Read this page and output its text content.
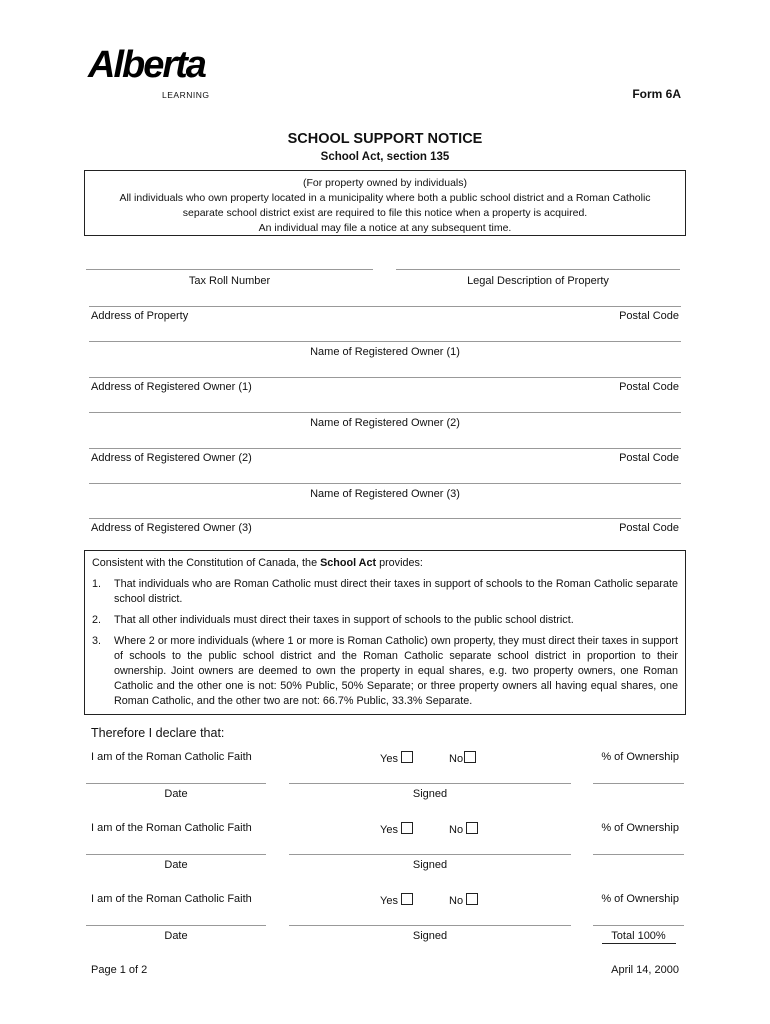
Alberta
LEARNING	Form 6A
SCHOOL SUPPORT NOTICE
School Act, section 135
(For property owned by individuals)
All individuals who own property located in a municipality where both a public school district and a Roman Catholic
separate school district exist are required to file this notice when a property is acquired.
An individual may file a notice at any subsequent time.
Tax Roll Number	Legal Description of Property
Address of Property	Postal Code
Name of Registered Owner (1)
Address of Registered Owner (1)	Postal Code
Name of Registered Owner (2)
Address of Registered Owner (2)	Postal Code
Name of Registered Owner (3)
Address of Registered Owner (3)	Postal Code
Consistent with the Constitution of Canada, the School Act provides:
1.	That individuals who are Roman Catholic must direct their taxes in support of schools to the Roman Catholic separate school district.
2.	That all other individuals must direct their taxes in support of schools to the public school district.
3.	Where 2 or more individuals (where 1 or more is Roman Catholic) own property, they must direct their taxes in support of schools to the public school district and the Roman Catholic separate school district in proportion to their ownership. Joint owners are deemed to own the property in equal shares, e.g. two property owners, one Roman Catholic and the other one is not: 50% Public, 50% Separate; or three property owners all having equal shares, one Roman Catholic, and the other two are not: 66.7% Public, 33.3% Separate.
Therefore I declare that:
I am of the Roman Catholic Faith	Yes	No	% of Ownership
Date	Signed
I am of the Roman Catholic Faith	Yes	No	% of Ownership
Date	Signed
I am of the Roman Catholic Faith	Yes	No	% of Ownership
Date	Signed	Total 100%
Page 1 of 2	April 14, 2000
